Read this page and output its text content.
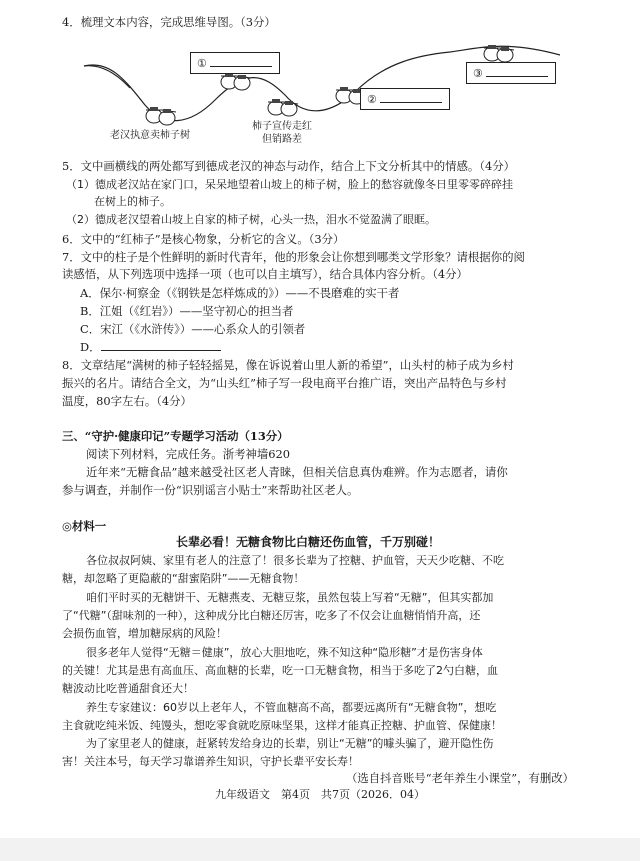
4．梳理文本内容，完成思维导图。（3分）
①
②
③
老汉执意卖柿子树
柿子宣传走红
但销路差
5．文中画横线的两处都写到德成老汉的神态与动作，结合上下文分析其中的情感。（4分）
（1）德成老汉站在家门口，呆呆地望着山坡上的柿子树，脸上的愁容就像冬日里零零碎碎挂
在树上的柿子。
（2）德成老汉望着山坡上自家的柿子树，心头一热，泪水不觉盈满了眼眶。
6．文中的“红柿子”是核心物象，分析它的含义。（3分）
7．文中的柱子是个性鲜明的新时代青年，他的形象会让你想到哪类文学形象？请根据你的阅
读感悟，从下列选项中选择一项（也可以自主填写），结合具体内容分析。（4分）
A．保尔·柯察金（《钢铁是怎样炼成的》）——不畏磨难的实干者
B．江姐（《红岩》）——坚守初心的担当者
C．宋江（《水浒传》）——心系众人的引领者
D．
8．文章结尾“满树的柿子轻轻摇晃，像在诉说着山里人新的希望”，山头村的柿子成为乡村
振兴的名片。请结合全文，为“山头红”柿子写一段电商平台推广语，突出产品特色与乡村
温度，80字左右。（4分）
三、“守护·健康印记”专题学习活动（13分）
阅读下列材料，完成任务。浙考神墙620
近年来“无糖食品”越来越受社区老人青睐，但相关信息真伪难辨。作为志愿者，请你
参与调查，并制作一份“识别谣言小贴士”来帮助社区老人。
◎材料一
长辈必看！无糖食物比白糖还伤血管，千万别碰！
各位叔叔阿姨、家里有老人的注意了！很多长辈为了控糖、护血管，天天少吃糖、不吃
糖，却忽略了更隐蔽的“甜蜜陷阱”——无糖食物！
咱们平时买的无糖饼干、无糖燕麦、无糖豆浆，虽然包装上写着“无糖”，但其实都加
了“代糖”（甜味剂的一种），这种成分比白糖还厉害，吃多了不仅会让血糖悄悄升高，还
会损伤血管，增加糖尿病的风险！
很多老年人觉得“无糖＝健康”，放心大胆地吃，殊不知这种“隐形糖”才是伤害身体
的关键！尤其是患有高血压、高血糖的长辈，吃一口无糖食物，相当于多吃了2勺白糖，血
糖波动比吃普通甜食还大！
养生专家建议：60岁以上老年人，不管血糖高不高，都要远离所有“无糖食物”，想吃
主食就吃纯米饭、纯馒头，想吃零食就吃原味坚果，这样才能真正控糖、护血管、保健康！
为了家里老人的健康，赶紧转发给身边的长辈，别让“无糖”的噱头骗了，避开隐性伤
害！关注本号，每天学习靠谱养生知识，守护长辈平安长寿！
（选自抖音账号“老年养生小课堂”，有删改）
九年级语文　第4页　共7页（2026．04）
